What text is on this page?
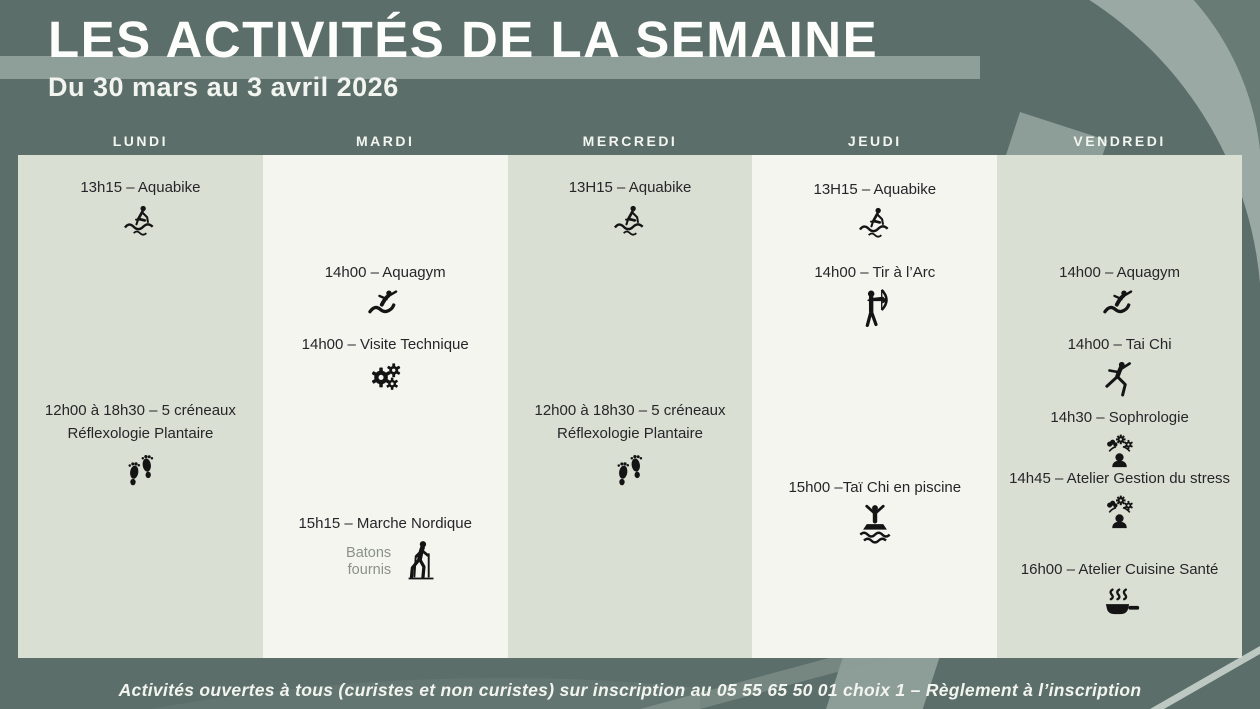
LES ACTIVITÉS DE LA SEMAINE
Du 30 mars au 3 avril 2026
LUNDI
13h15 – Aquabike
12h00 à 18h30 – 5 créneaux
Réflexologie Plantaire
MARDI
14h00 – Aquagym
14h00 – Visite Technique
15h15 – Marche Nordique
Batons fournis
MERCREDI
13H15 – Aquabike
12h00 à 18h30 – 5 créneaux
Réflexologie Plantaire
JEUDI
13H15 – Aquabike
14h00 – Tir à l’Arc
15h00 –Taï Chi en piscine
VENDREDI
14h00 – Aquagym
14h00 – Tai Chi
14h30 – Sophrologie
14h45 – Atelier Gestion du stress
16h00 – Atelier Cuisine Santé
Activités ouvertes à tous (curistes et non curistes) sur inscription au 05 55 65 50 01 choix 1 – Règlement à l’inscription
